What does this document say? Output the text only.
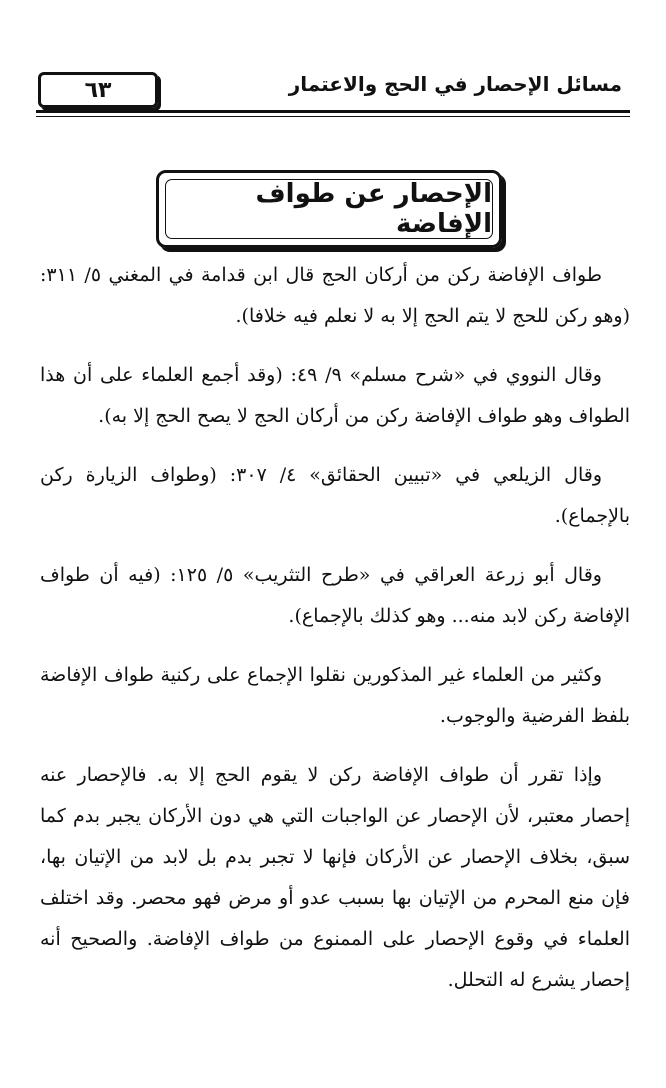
٦٣	مسائل الإحصار في الحج والاعتمار
الإحصار عن طواف الإفاضة

طواف الإفاضة ركن من أركان الحج قال ابن قدامة في المغني ٥/ ٣١١: (وهو ركن للحج لا يتم الحج إلا به لا نعلم فيه خلافا).

وقال النووي في «شرح مسلم» ٩/ ٤٩: (وقد أجمع العلماء على أن هذا الطواف وهو طواف الإفاضة ركن من أركان الحج لا يصح الحج إلا به).

وقال الزيلعي في «تبيين الحقائق» ٤/ ٣٠٧: (وطواف الزيارة ركن بالإجماع).

وقال أبو زرعة العراقي في «طرح التثريب» ٥/ ١٢٥: (فيه أن طواف الإفاضة ركن لابد منه... وهو كذلك بالإجماع).

وكثير من العلماء غير المذكورين نقلوا الإجماع على ركنية طواف الإفاضة بلفظ الفرضية والوجوب.

وإذا تقرر أن طواف الإفاضة ركن لا يقوم الحج إلا به. فالإحصار عنه إحصار معتبر، لأن الإحصار عن الواجبات التي هي دون الأركان يجبر بدم كما سبق، بخلاف الإحصار عن الأركان فإنها لا تجبر بدم بل لابد من الإتيان بها، فإن منع المحرم من الإتيان بها بسبب عدو أو مرض فهو محصر. وقد اختلف العلماء في وقوع الإحصار على الممنوع من طواف الإفاضة. والصحيح أنه إحصار يشرع له التحلل.
